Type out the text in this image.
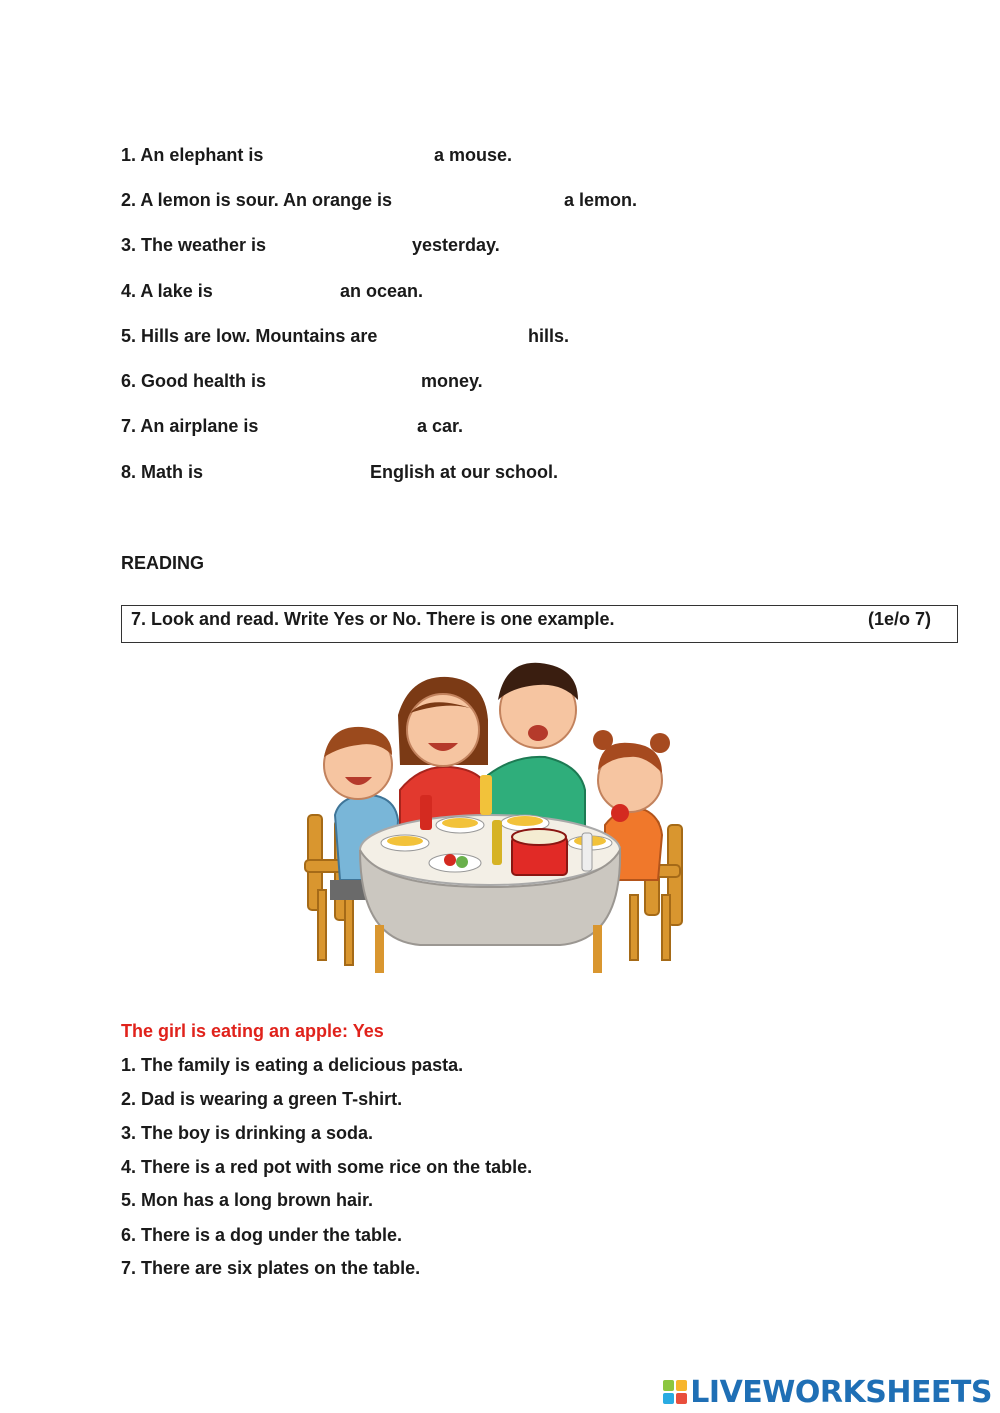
1. An elephant is	a mouse.
2. A lemon is sour. An orange is	a lemon.
3. The weather is	yesterday.
4. A lake is	an ocean.
5. Hills are low. Mountains are	hills.
6. Good health is	money.
7. An airplane is	a car.
8. Math is	English at our school.
READING
7. Look and read. Write Yes or No. There is one example.	(1e/o 7)
The girl is eating an apple: Yes
1. The family is eating a delicious pasta.
2. Dad is wearing a green T-shirt.
3. The boy is drinking a soda.
4. There is a red pot with some rice on the table.
5. Mon has a long brown hair.
6. There is a dog under the table.
7. There are six plates on the table.
LIVEWORKSHEETS
